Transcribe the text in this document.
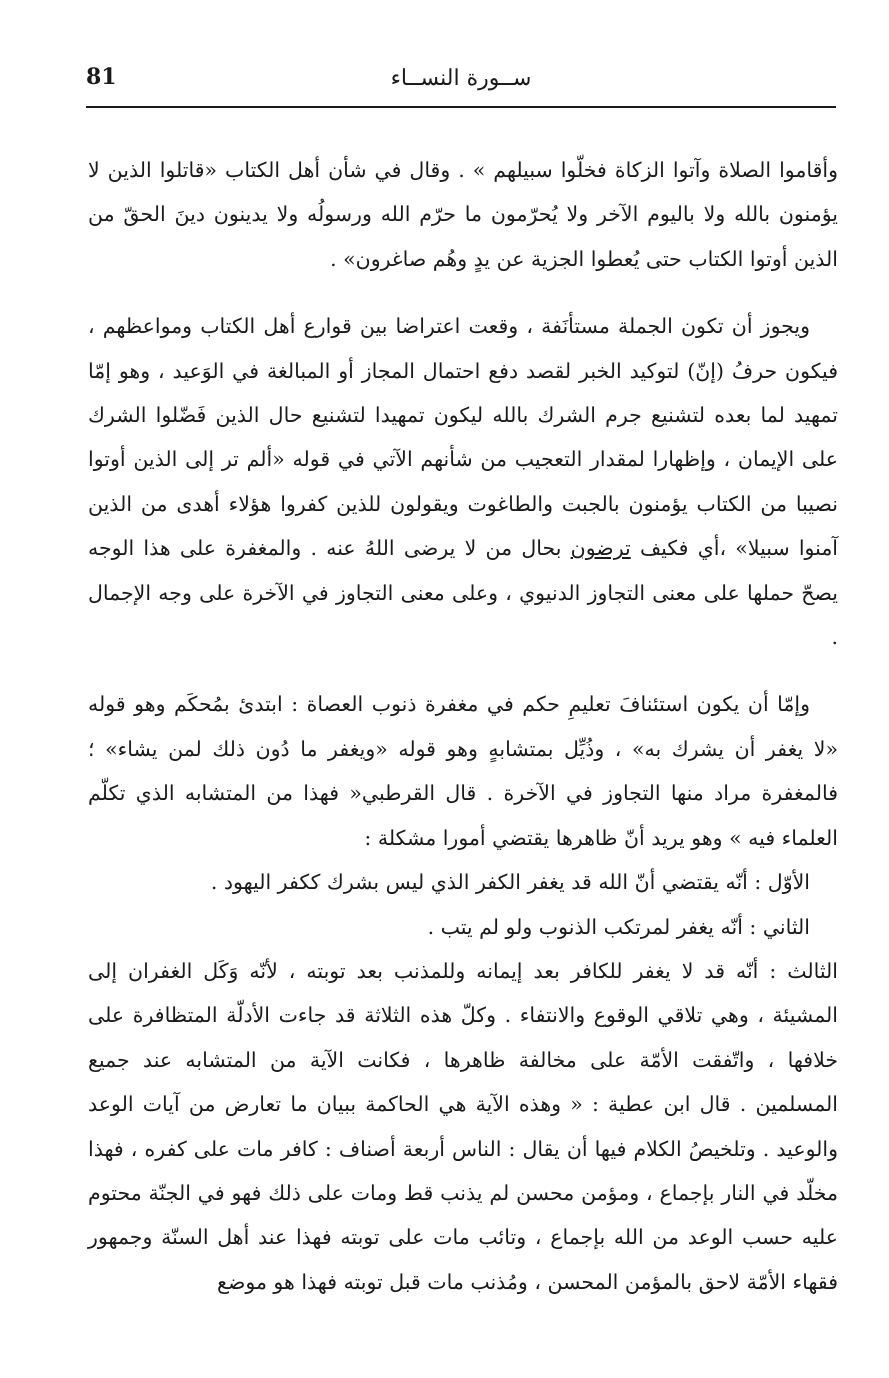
81	ســورة النســاء

وأقاموا الصلاة وآتوا الزكاة فخلّوا سبيلهم » . وقال في شأن أهل الكتاب «قاتلوا الذين لا يؤمنون بالله ولا باليوم الآخر ولا يُحرّمون ما حرّم الله ورسولُه ولا يدينون دينَ الحقّ من الذين أوتوا الكتاب حتى يُعطوا الجزية عن يدٍ وهُم صاغرون» .

ويجوز أن تكون الجملة مستأنَفة ، وقعت اعتراضا بين قوارع أهل الكتاب ومواعظهم ، فيكون حرفُ (إنّ) لتوكيد الخبر لقصد دفع احتمال المجاز أو المبالغة في الوَعيد ، وهو إمّا تمهيد لما بعده لتشنيع جرم الشرك بالله ليكون تمهيدا لتشنيع حال الذين فَضّلوا الشرك على الإيمان ، وإظهارا لمقدار التعجيب من شأنهم الآتي في قوله «ألم تر إلى الذين أوتوا نصيبا من الكتاب يؤمنون بالجبت والطاغوت ويقولون للذين كفروا هؤلاء أهدى من الذين آمنوا سبيلا» ،أي فكيف ترضون بحال من لا يرضى اللهُ عنه . والمغفرة على هذا الوجه يصحّ حملها على معنى التجاوز الدنيوي ، وعلى معنى التجاوز في الآخرة على وجه الإجمال .

وإمّا أن يكون استئنافَ تعليمِ حكم في مغفرة ذنوب العصاة : ابتدئ بمُحكَم وهو قوله «لا يغفر أن يشرك به» ، وذُيِّل بمتشابهٍ وهو قوله «ويغفر ما دُون ذلك لمن يشاء» ؛ فالمغفرة مراد منها التجاوز في الآخرة . قال القرطبي« فهذا من المتشابه الذي تكلّم العلماء فيه » وهو يريد أنّ ظاهرها يقتضي أمورا مشكلة :

الأوّل : أنّه يقتضي أنّ الله قد يغفر الكفر الذي ليس بشرك ككفر اليهود .

الثاني : أنّه يغفر لمرتكب الذنوب ولو لم يتب .

الثالث : أنّه قد لا يغفر للكافر بعد إيمانه وللمذنب بعد توبته ، لأنّه وَكَل الغفران إلى المشيئة ، وهي تلاقي الوقوع والانتفاء . وكلّ هذه الثلاثة قد جاءت الأدلّة المتظافرة على خلافها ، واتّفقت الأمّة على مخالفة ظاهرها ، فكانت الآية من المتشابه عند جميع المسلمين . قال ابن عطية : « وهذه الآية هي الحاكمة ببيان ما تعارض من آيات الوعد والوعيد . وتلخيصُ الكلام فيها أن يقال : الناس أربعة أصناف : كافر مات على كفره ، فهذا مخلّد في النار بإجماع ، ومؤمن محسن لم يذنب قط ومات على ذلك فهو في الجنّة محتوم عليه حسب الوعد من الله بإجماع ، وتائب مات على توبته فهذا عند أهل السنّة وجمهور فقهاء الأمّة لاحق بالمؤمن المحسن ، ومُذنب مات قبل توبته فهذا هو موضع
